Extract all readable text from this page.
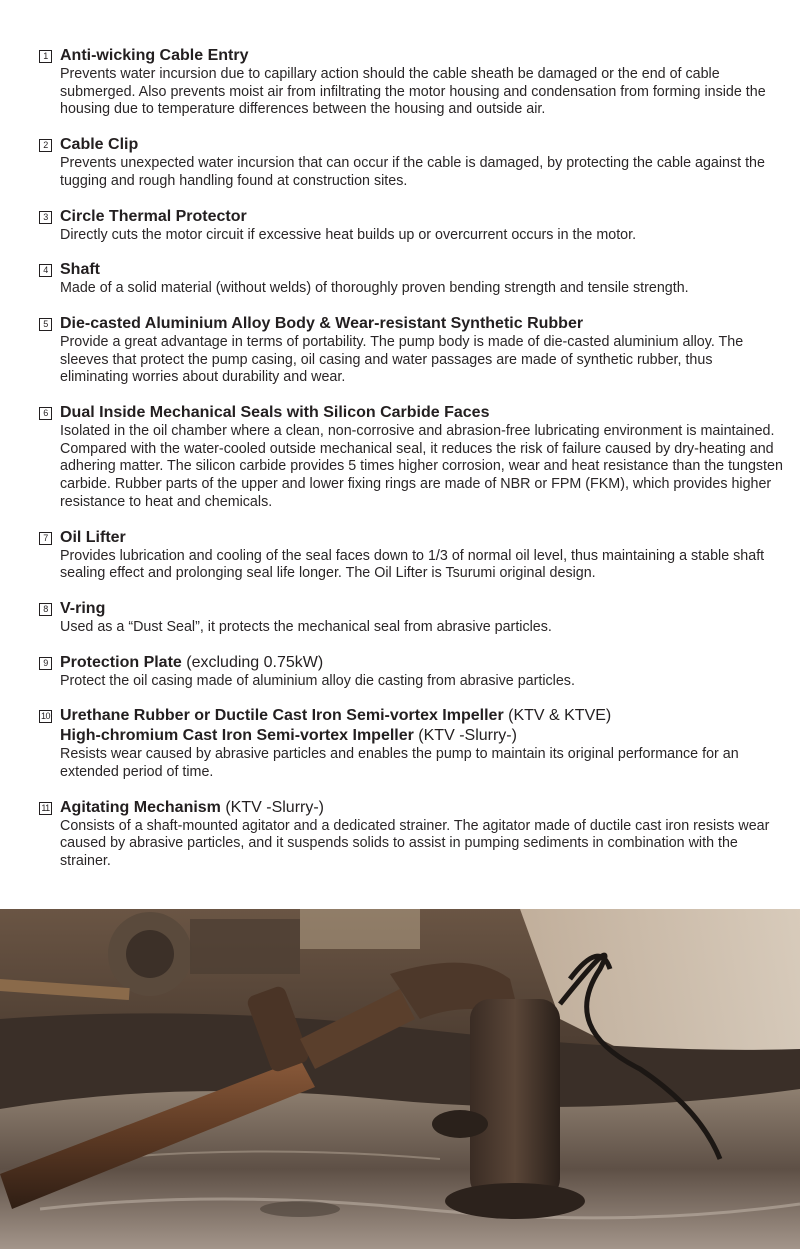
1 Anti-wicking Cable Entry
Prevents water incursion due to capillary action should the cable sheath be damaged or the end of cable submerged. Also prevents moist air from infiltrating the motor housing and condensation from forming inside the housing due to temperature differences between the housing and outside air.
2 Cable Clip
Prevents unexpected water incursion that can occur if the cable is damaged, by protecting the cable against the tugging and rough handling found at construction sites.
3 Circle Thermal Protector
Directly cuts the motor circuit if excessive heat builds up or overcurrent occurs in the motor.
4 Shaft
Made of a solid material (without welds) of thoroughly proven bending strength and tensile strength.
5 Die-casted Aluminium Alloy Body & Wear-resistant Synthetic Rubber
Provide a great advantage in terms of portability. The pump body is made of die-casted aluminium alloy. The sleeves that protect the pump casing, oil casing and water passages are made of synthetic rubber, thus eliminating worries about durability and wear.
6 Dual Inside Mechanical Seals with Silicon Carbide Faces
Isolated in the oil chamber where a clean, non-corrosive and abrasion-free lubricating environment is maintained. Compared with the water-cooled outside mechanical seal, it reduces the risk of failure caused by dry-heating and adhering matter. The silicon carbide provides 5 times higher corrosion, wear and heat resistance than the tungsten carbide. Rubber parts of the upper and lower fixing rings are made of NBR or FPM (FKM), which provides higher resistance to heat and chemicals.
7 Oil Lifter
Provides lubrication and cooling of the seal faces down to 1/3 of normal oil level, thus maintaining a stable shaft sealing effect and prolonging seal life longer. The Oil Lifter is Tsurumi original design.
8 V-ring
Used as a “Dust Seal”, it protects the mechanical seal from abrasive particles.
9 Protection Plate (excluding 0.75kW)
Protect the oil casing made of aluminium alloy die casting from abrasive particles.
10 Urethane Rubber or Ductile Cast Iron Semi-vortex Impeller (KTV & KTVE)
High-chromium Cast Iron Semi-vortex Impeller (KTV -Slurry-)
Resists wear caused by abrasive particles and enables the pump to maintain its original performance for an extended period of time.
11 Agitating Mechanism (KTV -Slurry-)
Consists of a shaft-mounted agitator and a dedicated strainer. The agitator made of ductile cast iron resists wear caused by abrasive particles, and it suspends solids to assist in pumping sediments in combination with the strainer.
